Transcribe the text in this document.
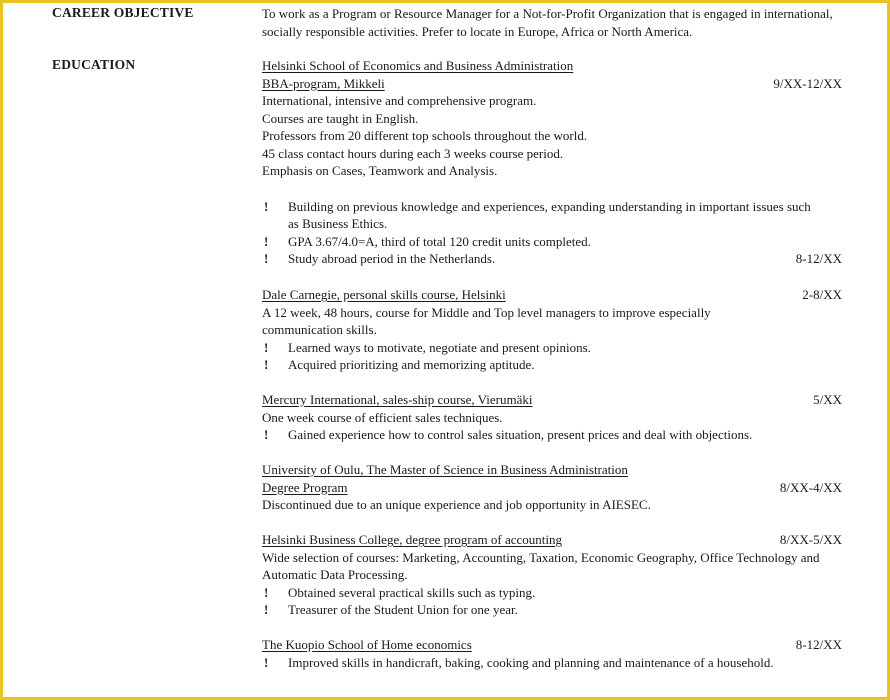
CAREER OBJECTIVE	To work as a Program or Resource Manager for a Not-for-Profit Organization that is engaged in international, socially responsible activities. Prefer to locate in Europe, Africa or North America.
EDUCATION	Helsinki School of Economics and Business Administration
BBA-program, Mikkeli	9/XX-12/XX
International, intensive and comprehensive program.
Courses are taught in English.
Professors from 20 different top schools throughout the world.
45 class contact hours during each 3 weeks course period.
Emphasis on Cases, Teamwork and Analysis.
! Building on previous knowledge and experiences, expanding understanding in important issues such as Business Ethics.
! GPA 3.67/4.0=A, third of total 120 credit units completed.
! Study abroad period in the Netherlands.	8-12/XX
Dale Carnegie, personal skills course, Helsinki	2-8/XX
A 12 week, 48 hours, course for Middle and Top level managers to improve especially communication skills.
! Learned ways to motivate, negotiate and present opinions.
! Acquired prioritizing and memorizing aptitude.
Mercury International, sales-ship course, Vierumäki	5/XX
One week course of efficient sales techniques.
! Gained experience how to control sales situation, present prices and deal with objections.
University of Oulu, The Master of Science in Business Administration
Degree Program	8/XX-4/XX
Discontinued due to an unique experience and job opportunity in AIESEC.
Helsinki Business College, degree program of accounting	8/XX-5/XX
Wide selection of courses: Marketing, Accounting, Taxation, Economic Geography, Office Technology and Automatic Data Processing.
! Obtained several practical skills such as typing.
! Treasurer of the Student Union for one year.
The Kuopio School of Home economics	8-12/XX
! Improved skills in handicraft, baking, cooking and planning and maintenance of a household.
